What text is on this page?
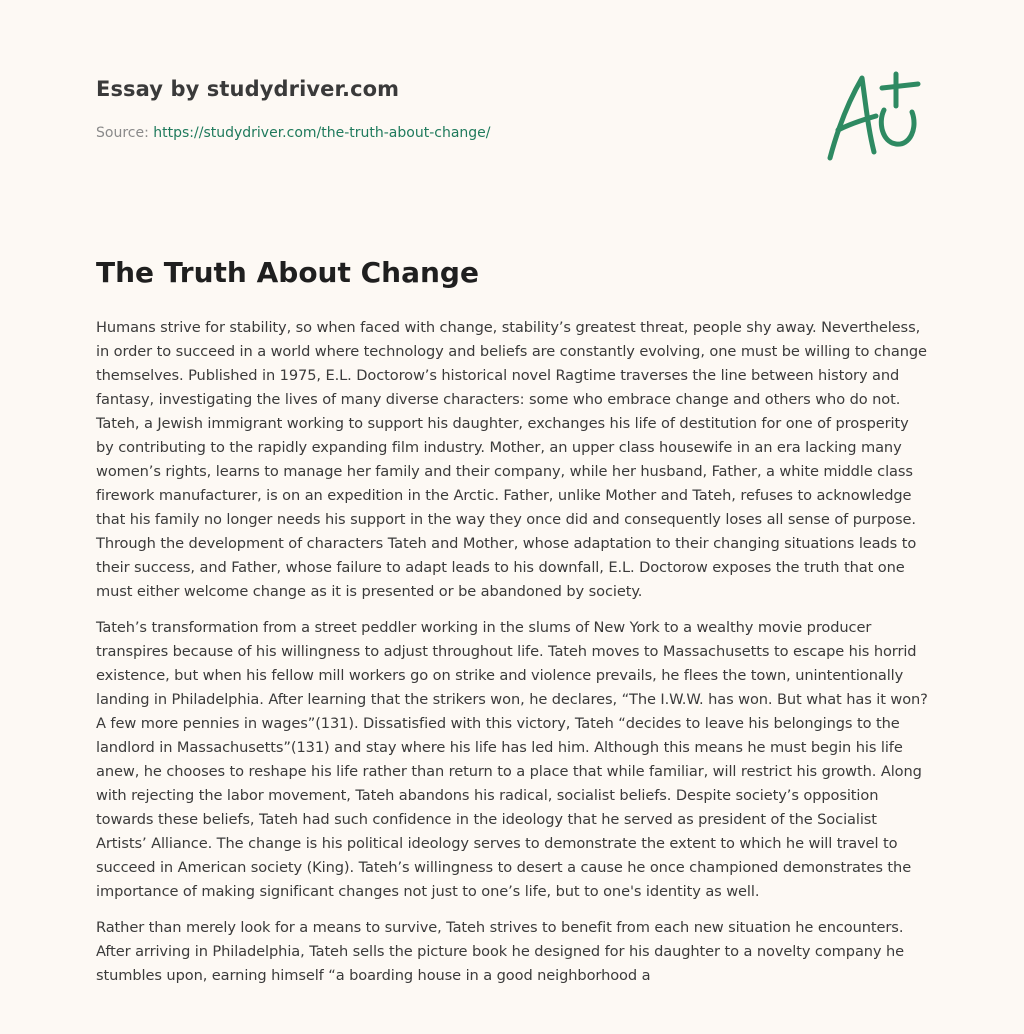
Essay by studydriver.com
Source: https://studydriver.com/the-truth-about-change/
The Truth About Change

Humans strive for stability, so when faced with change, stability’s greatest threat, people shy away. Nevertheless, in order to succeed in a world where technology and beliefs are constantly evolving, one must be willing to change themselves. Published in 1975, E.L. Doctorow’s historical novel Ragtime traverses the line between history and fantasy, investigating the lives of many diverse characters: some who embrace change and others who do not. Tateh, a Jewish immigrant working to support his daughter, exchanges his life of destitution for one of prosperity by contributing to the rapidly expanding film industry. Mother, an upper class housewife in an era lacking many women’s rights, learns to manage her family and their company, while her husband, Father, a white middle class firework manufacturer, is on an expedition in the Arctic. Father, unlike Mother and Tateh, refuses to acknowledge that his family no longer needs his support in the way they once did and consequently loses all sense of purpose. Through the development of characters Tateh and Mother, whose adaptation to their changing situations leads to their success, and Father, whose failure to adapt leads to his downfall, E.L. Doctorow exposes the truth that one must either welcome change as it is presented or be abandoned by society.

Tateh’s transformation from a street peddler working in the slums of New York to a wealthy movie producer transpires because of his willingness to adjust throughout life. Tateh moves to Massachusetts to escape his horrid existence, but when his fellow mill workers go on strike and violence prevails, he flees the town, unintentionally landing in Philadelphia. After learning that the strikers won, he declares, “The I.W.W. has won. But what has it won? A few more pennies in wages”(131). Dissatisfied with this victory, Tateh “decides to leave his belongings to the landlord in Massachusetts”(131) and stay where his life has led him. Although this means he must begin his life anew, he chooses to reshape his life rather than return to a place that while familiar, will restrict his growth. Along with rejecting the labor movement, Tateh abandons his radical, socialist beliefs. Despite society’s opposition towards these beliefs, Tateh had such confidence in the ideology that he served as president of the Socialist Artists’ Alliance. The change is his political ideology serves to demonstrate the extent to which he will travel to succeed in American society (King). Tateh’s willingness to desert a cause he once championed demonstrates the importance of making significant changes not just to one’s life, but to one's identity as well.

Rather than merely look for a means to survive, Tateh strives to benefit from each new situation he encounters. After arriving in Philadelphia, Tateh sells the picture book he designed for his daughter to a novelty company he stumbles upon, earning himself “a boarding house in a good neighborhood a
